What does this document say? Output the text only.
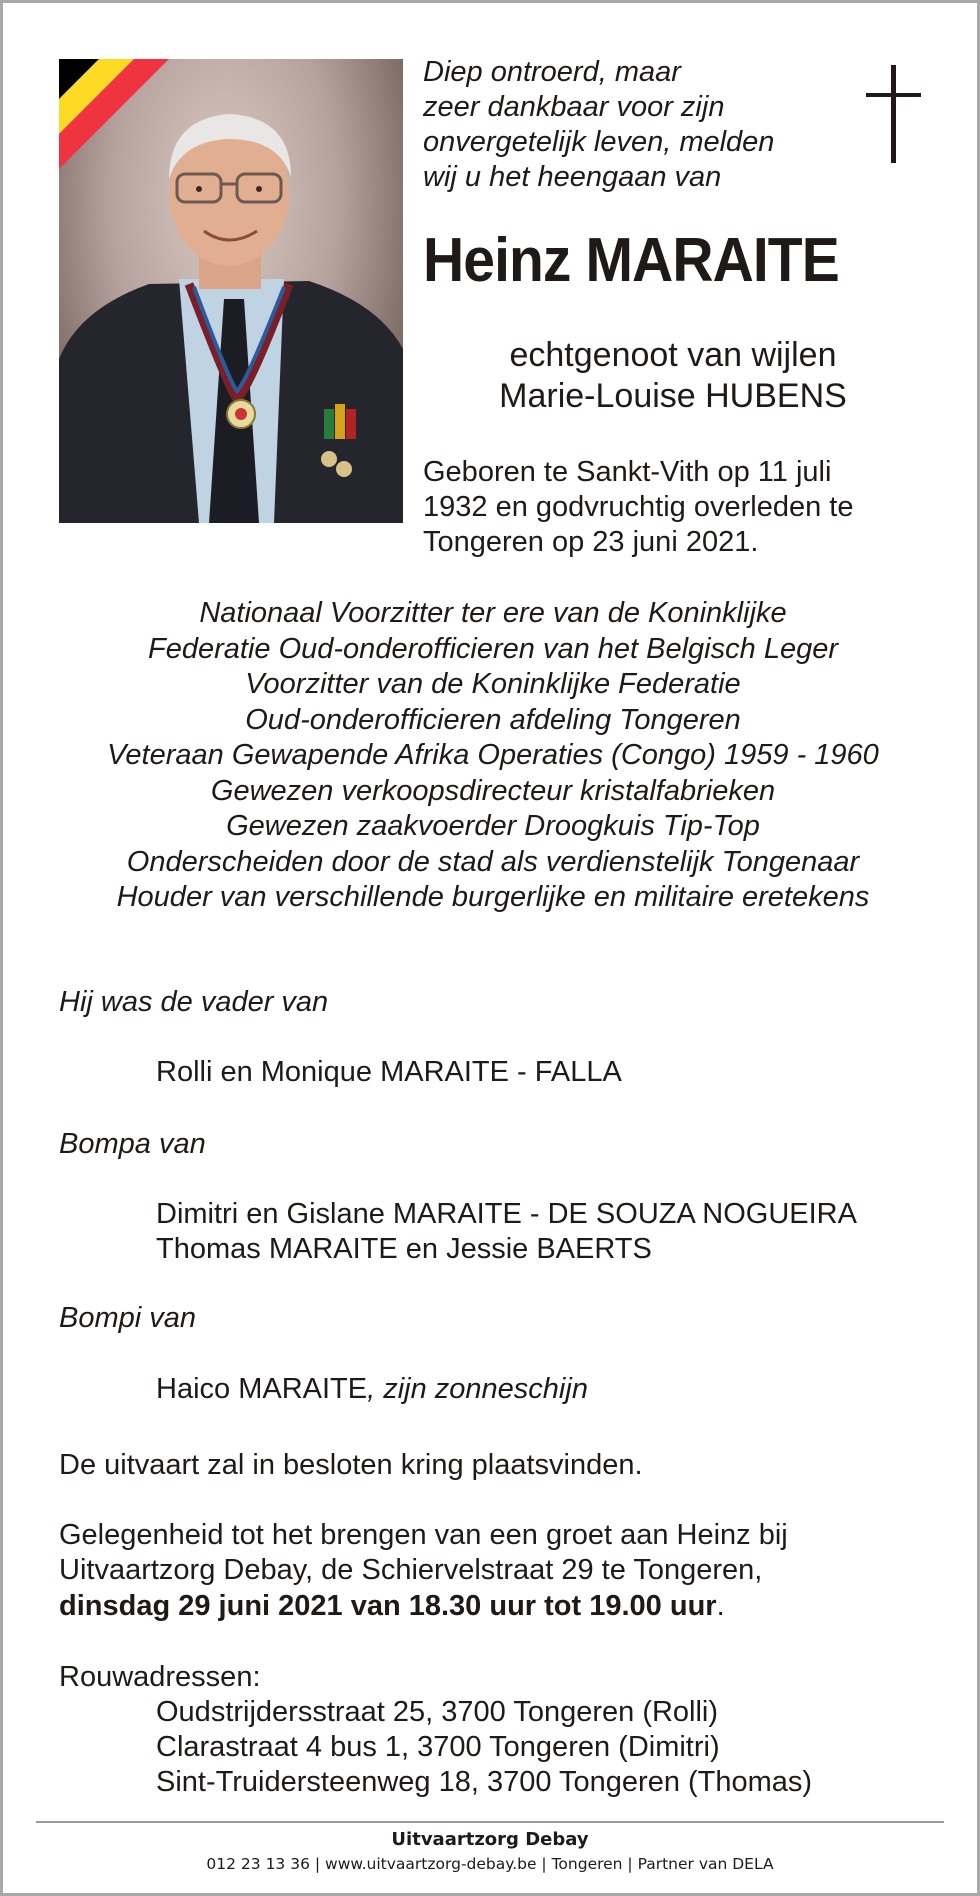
Diep ontroerd, maar
zeer dankbaar voor zijn
onvergetelijk leven, melden
wij u het heengaan van
Heinz MARAITE
echtgenoot van wijlen
Marie-Louise HUBENS
Geboren te Sankt-Vith op 11 juli
1932 en godvruchtig overleden te
Tongeren op 23 juni 2021.
Nationaal Voorzitter ter ere van de Koninklijke
Federatie Oud-onderofficieren van het Belgisch Leger
Voorzitter van de Koninklijke Federatie
Oud-onderofficieren afdeling Tongeren
Veteraan Gewapende Afrika Operaties (Congo) 1959 - 1960
Gewezen verkoopsdirecteur kristalfabrieken
Gewezen zaakvoerder Droogkuis Tip-Top
Onderscheiden door de stad als verdienstelijk Tongenaar
Houder van verschillende burgerlijke en militaire eretekens
Hij was de vader van
Rolli en Monique MARAITE - FALLA
Bompa van
Dimitri en Gislane MARAITE - DE SOUZA NOGUEIRA
Thomas MARAITE en Jessie BAERTS
Bompi van
Haico MARAITE, zijn zonneschijn
De uitvaart zal in besloten kring plaatsvinden.
Gelegenheid tot het brengen van een groet aan Heinz bij
Uitvaartzorg Debay, de Schiervelstraat 29 te Tongeren,
dinsdag 29 juni 2021 van 18.30 uur tot 19.00 uur.
Rouwadressen:
Oudstrijdersstraat 25, 3700 Tongeren (Rolli)
Clarastraat 4 bus 1, 3700 Tongeren (Dimitri)
Sint-Truidersteenweg 18, 3700 Tongeren (Thomas)
Uitvaartzorg Debay
012 23 13 36 | www.uitvaartzorg-debay.be | Tongeren | Partner van DELA
